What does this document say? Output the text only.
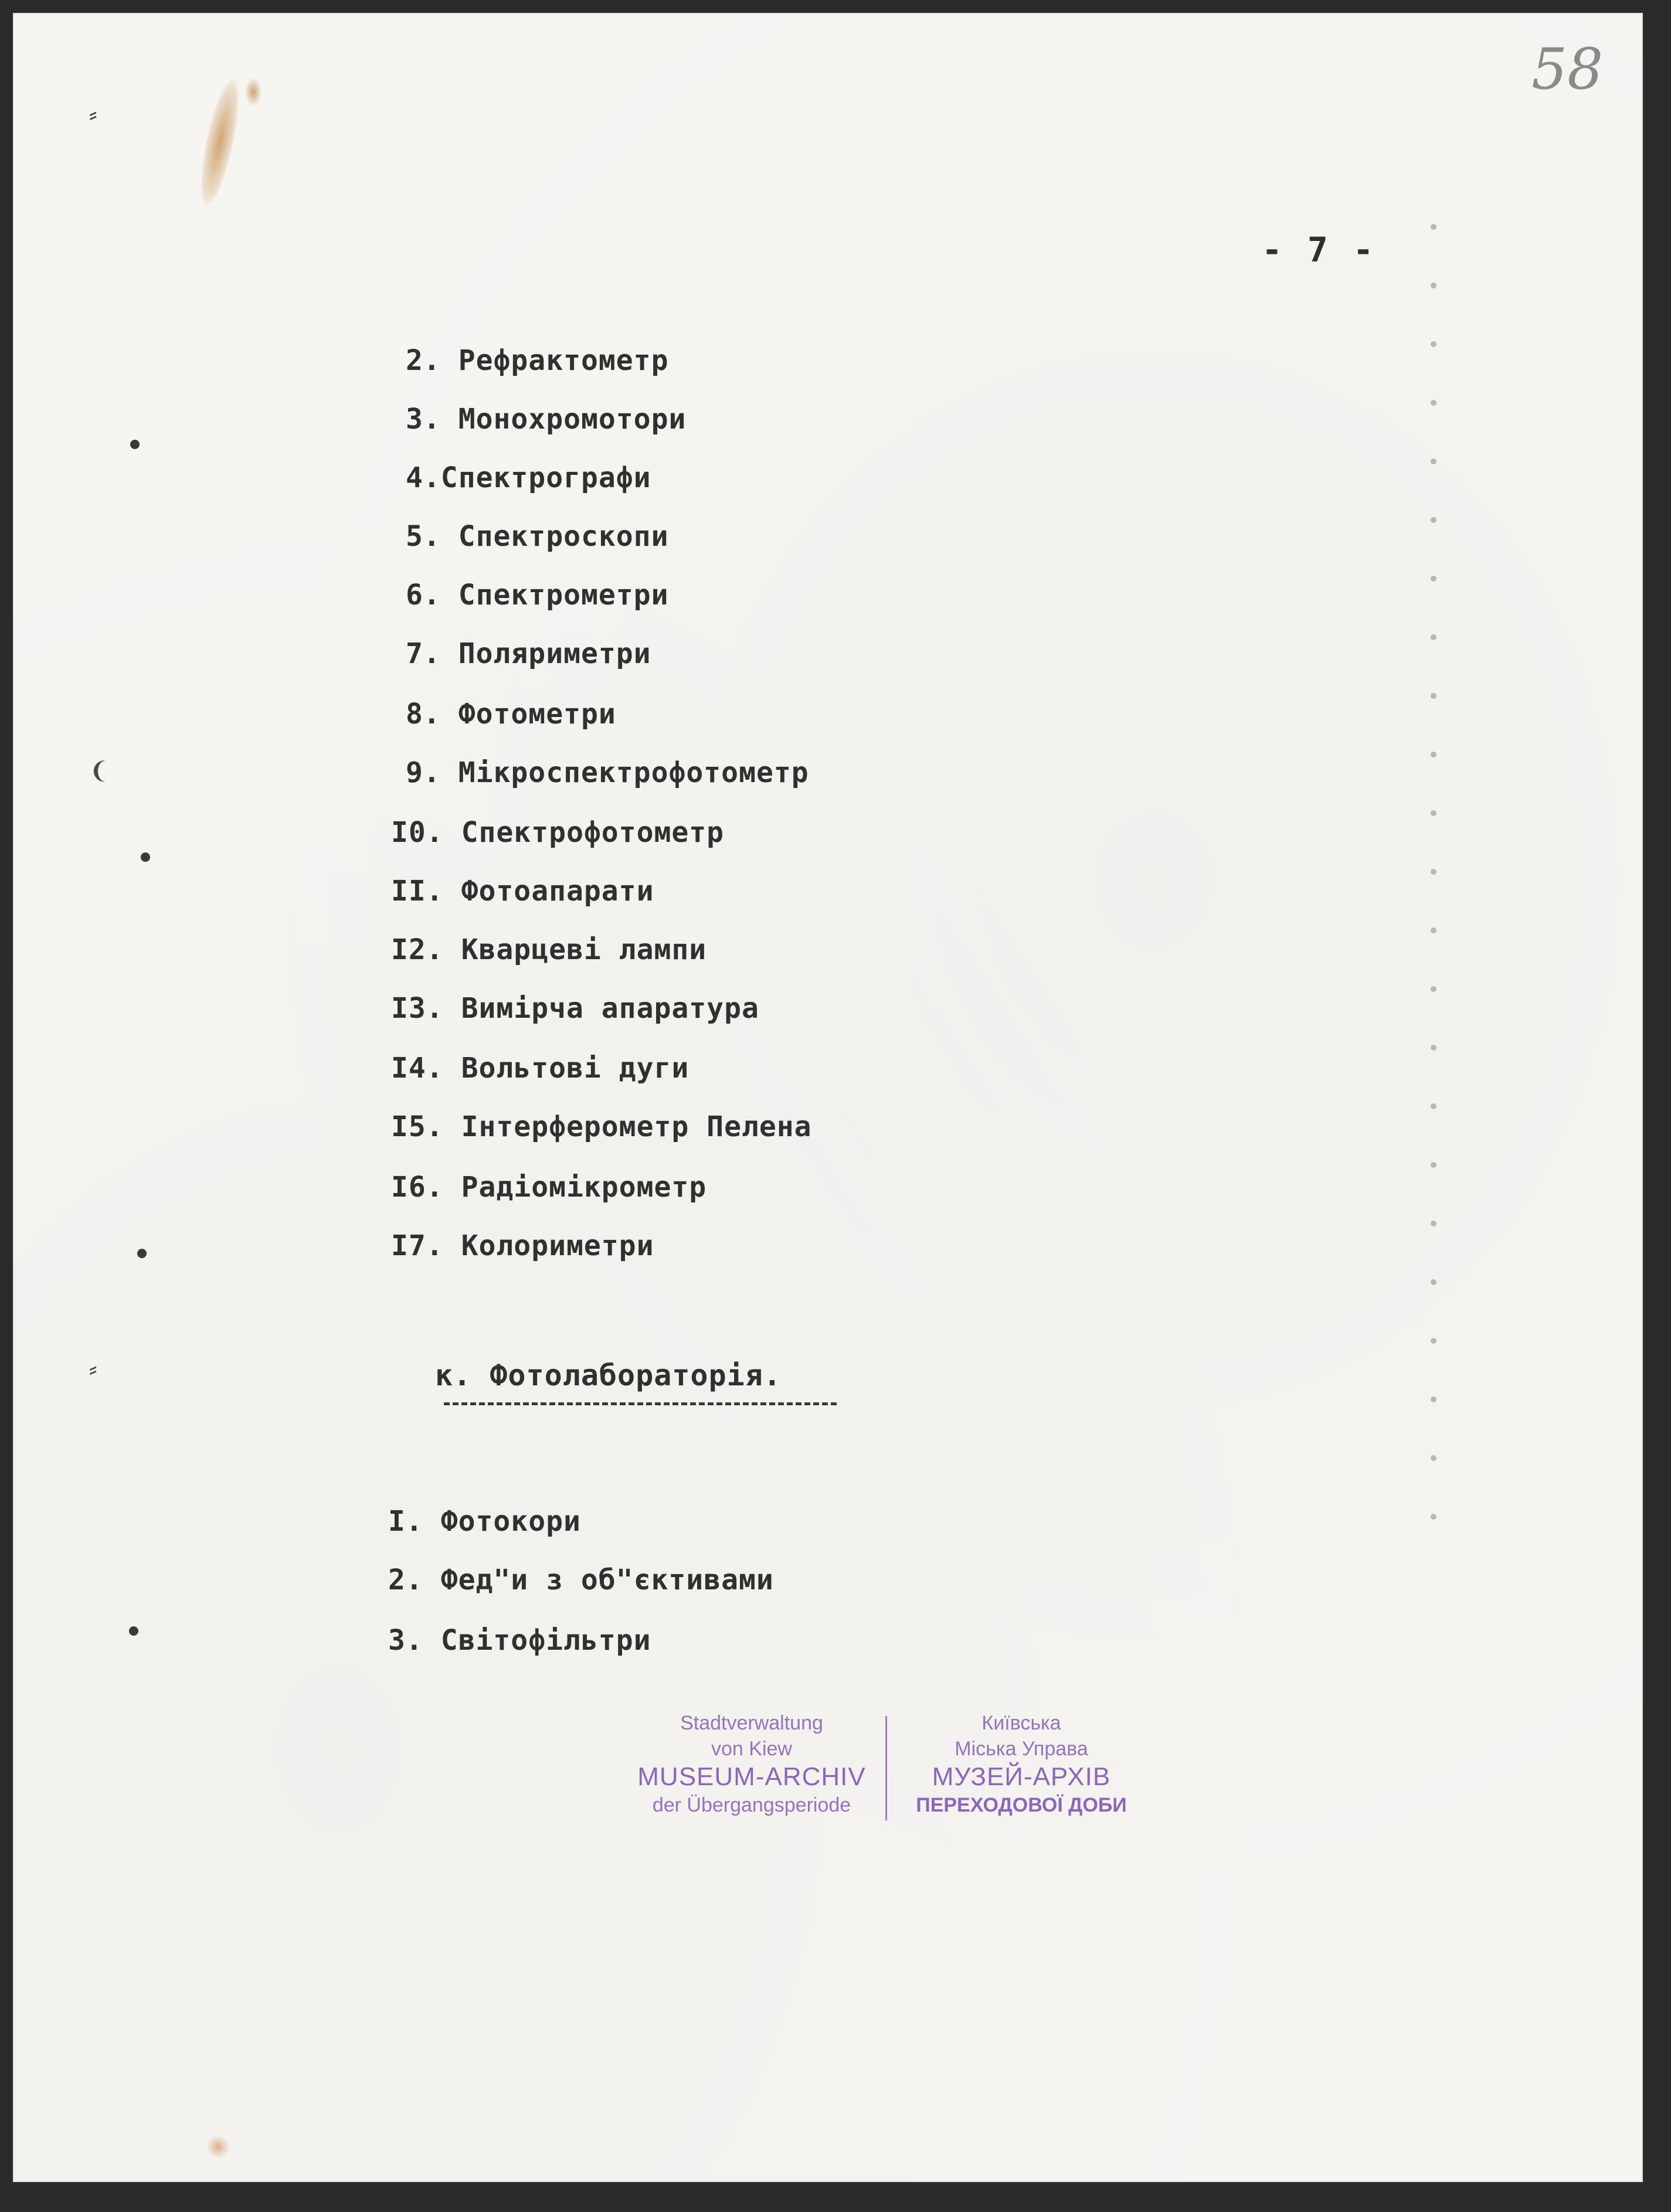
⸗
❨
⸗
58
- 7 -
2. Рефрактометр
3. Монохромотори
4.Спектрографи
5. Спектроскопи
6. Спектрометри
7. Поляриметри
8. Фотометри
9. Мікроспектрофотометр
I0. Спектрофотометр
II. Фотоапарати
I2. Кварцеві лампи
I3. Вимірча апаратура
I4. Вольтові дуги
I5. Інтерферометр Пелена
I6. Радіомікрометр
I7. Колориметри
к. Фотолабораторія.
I. Фотокори
2. Фед"и з об"єктивами
3. Світофільтри
Stadtverwaltung
von Kiew
MUSEUM-ARCHIV
der Übergangsperiode
Київська
Міська Управа
МУЗЕЙ-АРХІВ
ПЕРЕХОДОВОЇ ДОБИ
